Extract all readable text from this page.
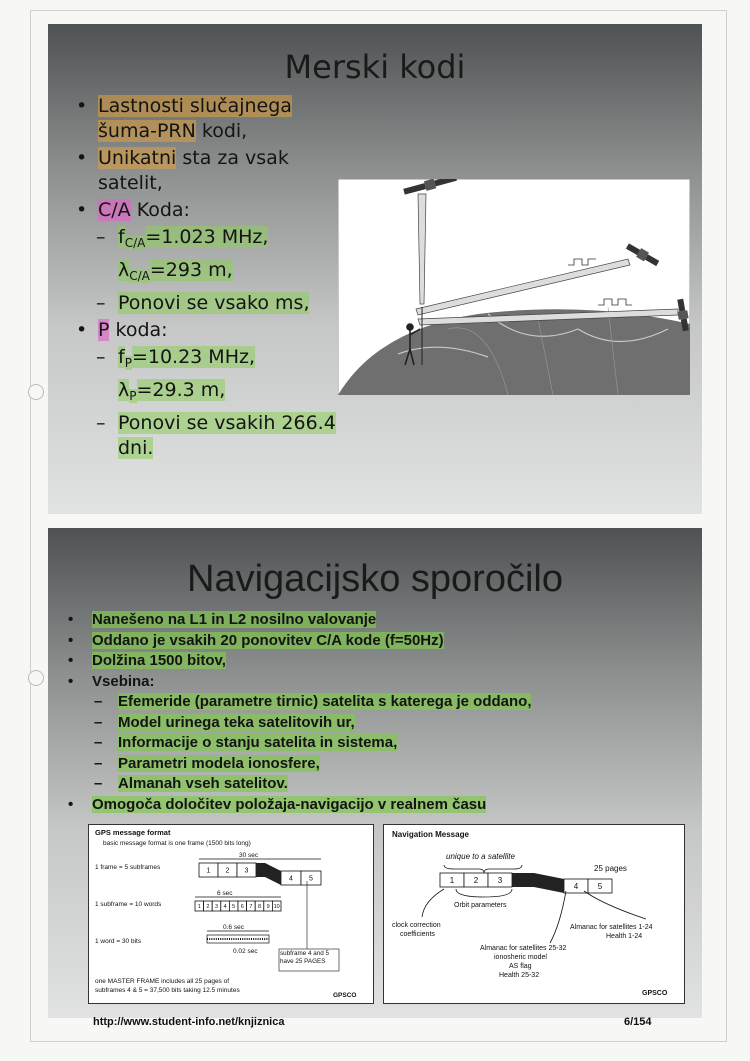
Merski kodi
• Lastnosti slučajnega šuma-PRN kodi,
• Unikatni sta za vsak satelit,
• C/A Koda:
– $f_{C/A}=1.023$ MHz,
$\lambda_{C/A}=293$ m,
– Ponovi se vsako ms,
• P koda:
– $f_P=10.23$ MHz,
$\lambda_P=29.3$ m,
– Ponovi se vsakih 266.4 dni.
Navigacijsko sporočilo
• Nanešeno na L1 in L2 nosilno valovanje
• Oddano je vsakih 20 ponovitev C/A kode (f=50Hz)
• Dolžina 1500 bitov,
• Vsebina:
– Efemeride (parametre tirnic) satelita s katerega je oddano,
– Model urinega teka satelitovih ur,
– Informacije o stanju satelita in sistema,
– Parametri modela ionosfere,
– Almanah vseh satelitov.
• Omogoča določitev položaja-navigacijo v realnem času
GPS message format
basic message format is one frame (1500 bits long)
30 sec
1 frame = 5 subframes	1 2 3
4 5
6 sec
1 subframe = 10 words	1 2 3 4 5 6 7 8 9 10
0.6 sec
1 word = 30 bits
0.02 sec	subframe 4 and 5 have 25 PAGES
one MASTER FRAME includes all 25 pages of
subframes 4 & 5 = 37,500 bits taking 12.5 minutes
GPSCO
Navigation Message
unique to a satellite
25 pages
1 2 3
4 5
Orbit parameters
clock correction
coefficients
Almanac for satellites 1-24
Health 1-24
Almanac for satellites 25-32
ionosheric model
AS flag
Health 25-32
GPSCO
http://www.student-info.net/knjiznica	6/154
